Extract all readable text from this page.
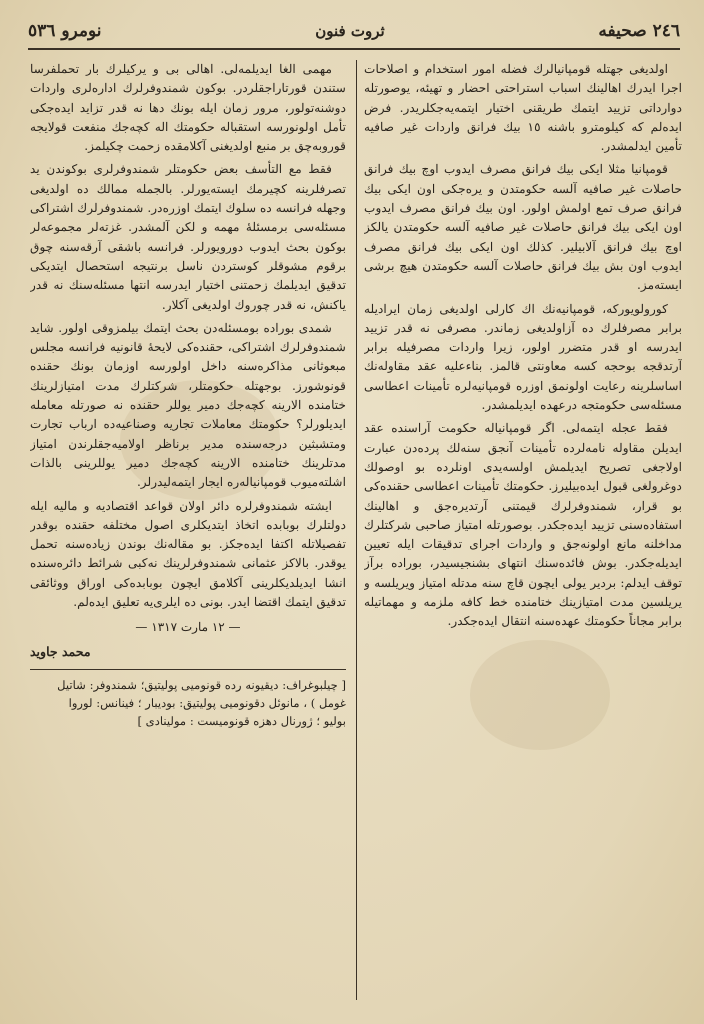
٢٤٦ صحيفه
ثروت فنون
نومرو ٥٣٦

اولديغی جهتله قومپانيالرك فضله امور استخدام و اصلاحات اجرا ايدرك اهالينك اسباب استراحتی احضار و تهيئه، يوصورتله دوارداتی تزييد ايتمك طريقنی اختيار ايتمه‌يه‌جكلريدر. فرض ايده‌لم كه كيلومترو باشنه ١٥ بيك فرانق واردات غير صافيه تأمين ايدلمشدر.

قومپانيا مثلا ايكی بيك فرانق مصرف ايدوب اوچ بيك فرانق حاصلات غير صافيه آلسه حكومتدن و يره‌جكی اون ايكی بيك فرانق صرف تمع اولمش اولور. اون بيك فرانق مصرف ايدوب اون ايكی بيك فرانق حاصلات غير صافيه آلسه حكومتدن يالكز اوچ بيك فرانق آلابيلير. كذلك اون ايكی بيك فرانق مصرف ايدوب اون بش بيك فرانق حاصلات آلسه حكومتدن هيچ برشی ايسته‌مز.

كورولويوركه، قومپانيه‌نك اك كارلی اولديغی زمان ايراديله برابر مصرفلرك ده آزاولديغی زماندر. مصرفی نه قدر تزييد ايدرسه او قدر متضرر اولور، زيرا واردات مصرفيله برابر آرتدقجه بوحجه كسه معاونتی قالمز. بناءعليه عقد مقاوله‌نك اساسلرينه رعايت اولونمق اوزره قومپانيه‌لره تأمينات اعطاسی مسئله‌سی حكومتجه درعهده ايديلمشدر.

فقط عجله ايتمه‌لی. اگر قومپانياله حكومت آراسنده عقد ايديلن مقاوله نامه‌لرده تأمينات آنجق سنه‌لك پرده‌دن عبارت اولاجغی تصريح ايديلمش اولسه‌يدی اونلرده بو اوصولك دوغرولغی قبول ايده‌بيليرز. حكومتك تأمينات اعطاسی حقنده‌كی بو قرار، شمندوفرلرك قيمتنی آرتديره‌جق و اهالينك استفاده‌سنی تزييد ايده‌جكدر. بوصورتله امتياز صاحبی شركتلرك مداخلنه مانع اولونه‌جق و واردات اجرای تدقيقات ايله تعيين ايديله‌جكدر. بوش فائده‌سنك انتهای بشنجيسيدر، بوراده برآز توقف ايدلم: بردير يولی ايچون قاچ سنه مدتله امتياز ويريلسه و يريلسين مدت امتيازينك ختامنده خط كافه ملزمه و مهماتيله برابر مجاناً حكومتك عهده‌سنه انتقال ايده‌جكدر.

مهمی الغا ايديلمه‌لی. اهالی بی و يركيلرك بار تحملفرسا ستندن قورتاراجقلردر. بوكون شمندوفرلرك اداره‌لری واردات دوشنه‌تولور، مرور زمان ايله بونك دها نه قدر تزايد ايده‌جكی تأمل اولونورسه استقباله حكومتك اله كچه‌جك منفعت قولايجه قوروبه‌چق بر منبع اولديغنی آكلامقده زحمت چكيلمز.

فقط مع التأسف بعض حكومتلر شمندوفرلری بوكوندن يد تصرفلرينه كچيرمك ايسته‌يورلر. بالجمله ممالك ده اولديغی وجهله فرانسه ده سلوك ايتمك اوزره‌در. شمندوفرلرك اشتراكی مسئله‌سی برمسئلهٔ مهمه و لكن آلمشدر. غزته‌لر مجموعه‌لر بوكون بحث ايدوب دورويورلر. فرانسه باشقی آرقه‌سنه چوق برقوم مشوقلر كوستردن ناسل برنتيجه استحصال ايتديكی تدقيق ايديلمك زحمتنی اختيار ايدرسه انتها مسئله‌سنك نه قدر ياكنش، نه قدر چوروك اولديغی آكلار.

شمدی بوراده بومسئله‌دن بحث ايتمك بيلمزوقی اولور. شايد شمندوفرلرك اشتراكی، حقنده‌كی لايحهٔ قانونيه فرانسه مجلس مبعوثانی مذاكره‌سنه داخل اولورسه اوزمان بونك حقنده قونوشورز. بوجهتله حكومتلر، شركتلرك مدت امتيازلرينك ختامنده الارينه كچه‌جك دمير يوللر حقنده نه صورتله معامله ايديلورلر؟ حكومتك معاملات تجاريه وصناعيه‌ده ارباب تجارت ومتشبثين درجه‌سنده مدير برناظر اولاميه‌جقلرندن امتياز مدتلرينك ختامنده الارينه كچه‌جك دمير يوللرينی بالذات اشلته‌ميوب قومپانياله‌ره ايجار ايتمه‌ليدرلر.

ايشته شمندوفرلره دائر اولان قواعد اقتصاديه و ماليه ايله دولتلرك بوبابده اتخاذ ايتديكلری اصول مختلفه حقنده بوقدر تفصيلاتله اكتفا ايده‌جكز. بو مقاله‌نك بوندن زياده‌سنه تحمل يوقدر. بالاكز عثمانی شمندوفرلرينك نه‌كبی شرائط دائره‌سنده انشا ايديلديكلرينی آكلامق ايچون بوبابده‌كی اوراق ووثائقی تدقيق ايتمك اقتضا ايدر. بونی ده ايلری‌يه تعليق ايده‌لم.

— ١٢ مارت ١٣١٧ —

محمد جاويد

[ چيلبوغراف: ديقيونه رده قونوميی پوليتيق؛ شمندوفر: شاتيل

غومل ) ، مانوئل دقونوميی پوليتيق: بوديبار ؛ فينانس: لوروا

بوليو ؛ ژورنال دهزه قونوميست : مولينادی ]
